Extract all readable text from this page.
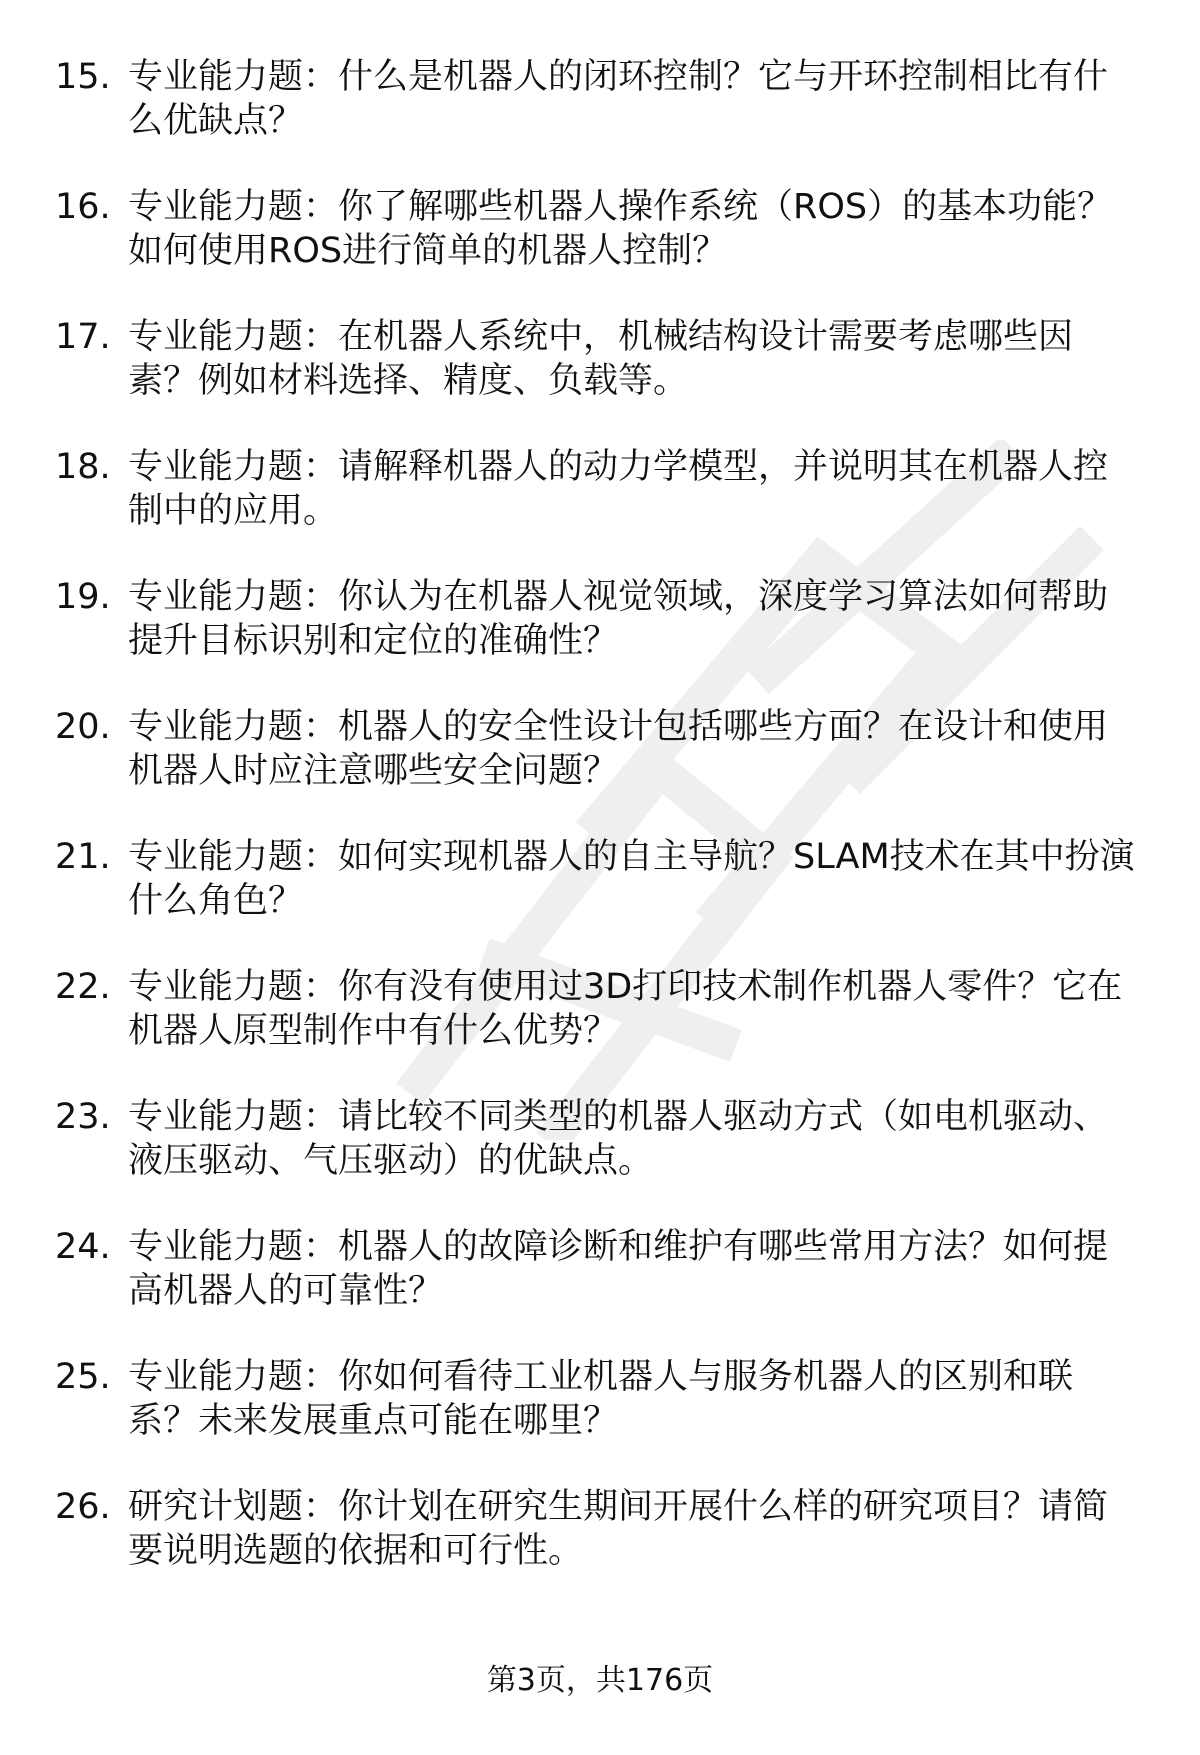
15. 专业能力题：什么是机器人的闭环控制？它与开环控制相比有什么优缺点？
16. 专业能力题：你了解哪些机器人操作系统（ROS）的基本功能？如何使用ROS进行简单的机器人控制？
17. 专业能力题：在机器人系统中，机械结构设计需要考虑哪些因素？例如材料选择、精度、负载等。
18. 专业能力题：请解释机器人的动力学模型，并说明其在机器人控制中的应用。
19. 专业能力题：你认为在机器人视觉领域，深度学习算法如何帮助提升目标识别和定位的准确性？
20. 专业能力题：机器人的安全性设计包括哪些方面？在设计和使用机器人时应注意哪些安全问题？
21. 专业能力题：如何实现机器人的自主导航？SLAM技术在其中扮演什么角色？
22. 专业能力题：你有没有使用过3D打印技术制作机器人零件？它在机器人原型制作中有什么优势？
23. 专业能力题：请比较不同类型的机器人驱动方式（如电机驱动、液压驱动、气压驱动）的优缺点。
24. 专业能力题：机器人的故障诊断和维护有哪些常用方法？如何提高机器人的可靠性？
25. 专业能力题：你如何看待工业机器人与服务机器人的区别和联系？未来发展重点可能在哪里？
26. 研究计划题：你计划在研究生期间开展什么样的研究项目？请简要说明选题的依据和可行性。
第3页，共176页
